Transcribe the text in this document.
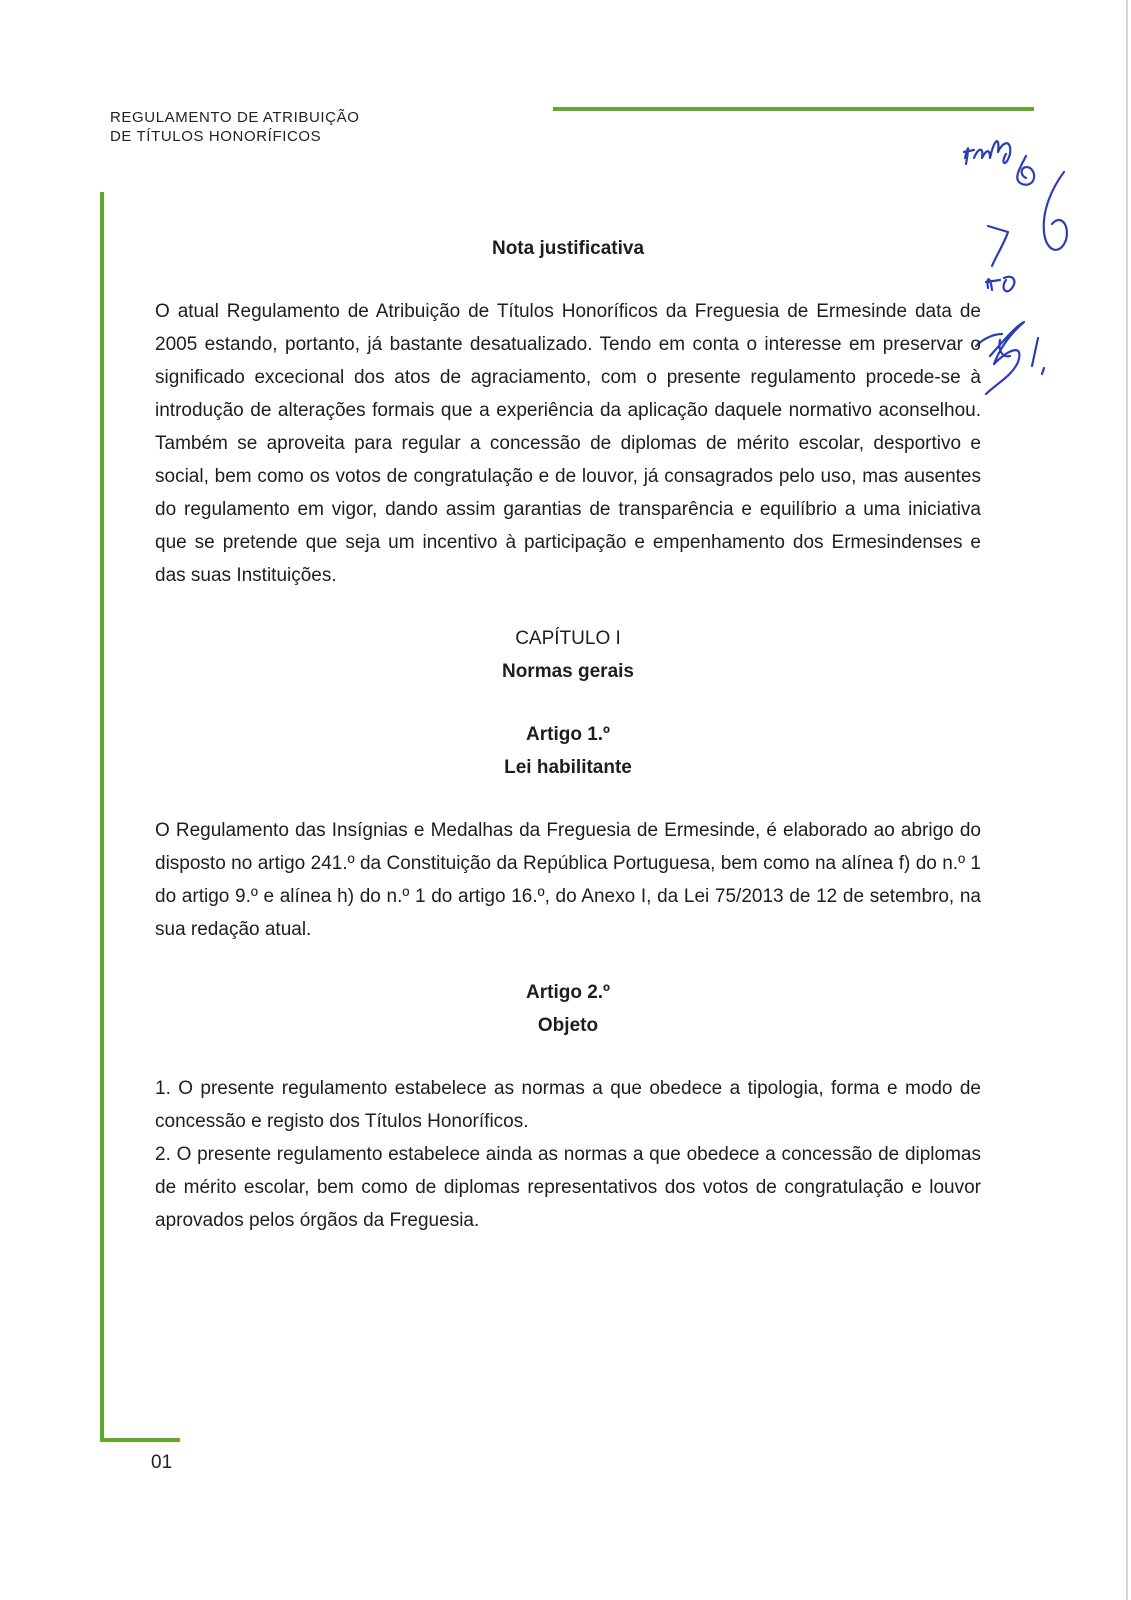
REGULAMENTO DE ATRIBUIÇÃO
DE TÍTULOS HONORÍFICOS

Nota justificativa

O atual Regulamento de Atribuição de Títulos Honoríficos da Freguesia de Ermesinde data de 2005 estando, portanto, já bastante desatualizado. Tendo em conta o interesse em preservar o significado excecional dos atos de agraciamento, com o presente regulamento procede-se à introdução de alterações formais que a experiência da aplicação daquele normativo aconselhou. Também se aproveita para regular a concessão de diplomas de mérito escolar, desportivo e social, bem como os votos de congratulação e de louvor, já consagrados pelo uso, mas ausentes do regulamento em vigor, dando assim garantias de transparência e equilíbrio a uma iniciativa que se pretende que seja um incentivo à participação e empenhamento dos Ermesindenses e das suas Instituições.

CAPÍTULO I

Normas gerais

Artigo 1.º

Lei habilitante

O Regulamento das Insígnias e Medalhas da Freguesia de Ermesinde, é elaborado ao abrigo do disposto no artigo 241.º da Constituição da República Portuguesa, bem como na alínea f) do n.º 1 do artigo 9.º e alínea h) do n.º 1 do artigo 16.º, do Anexo I, da Lei 75/2013 de 12 de setembro, na sua redação atual.

Artigo 2.º

Objeto

1. O presente regulamento estabelece as normas a que obedece a tipologia, forma e modo de concessão e registo dos Títulos Honoríficos.

2. O presente regulamento estabelece ainda as normas a que obedece a concessão de diplomas de mérito escolar, bem como de diplomas representativos dos votos de congratulação e louvor aprovados pelos órgãos da Freguesia.

01
